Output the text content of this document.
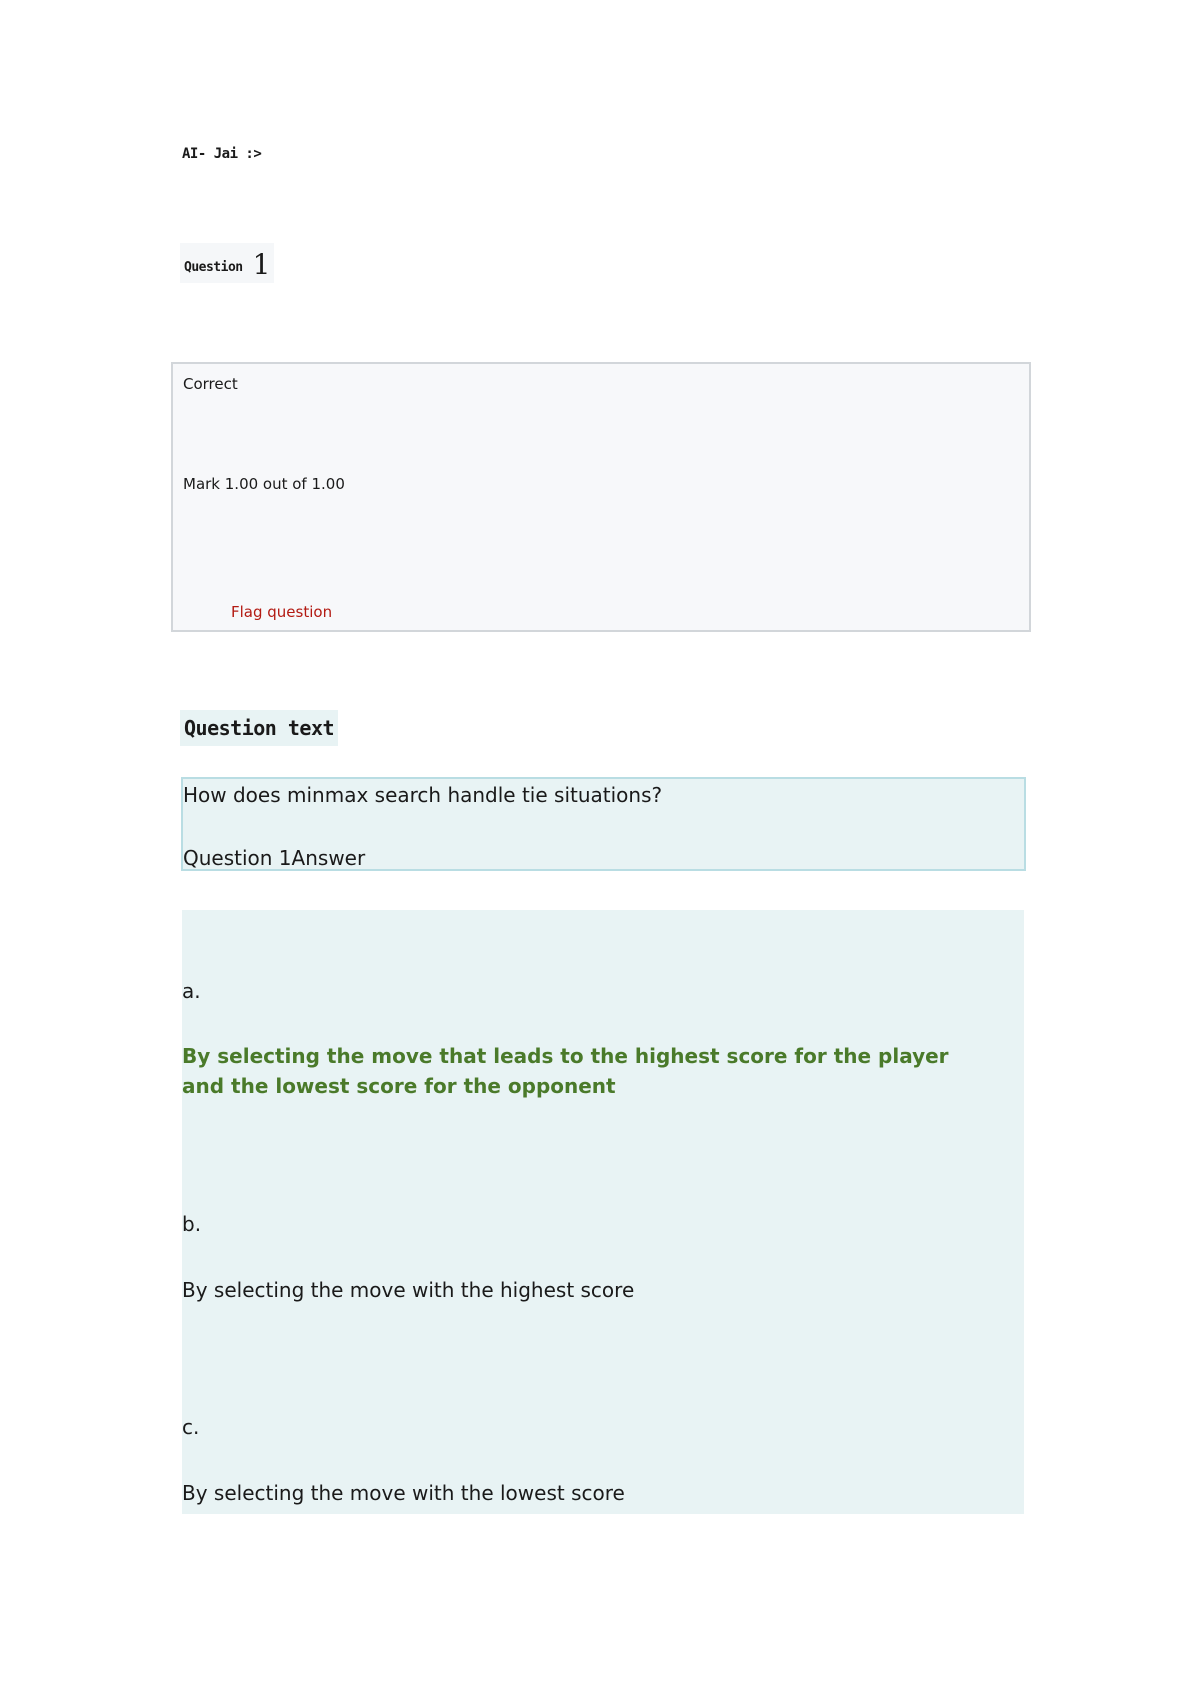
AI- Jai :>
Question 1
Correct
Mark 1.00 out of 1.00
Flag question
Question text
How does minmax search handle tie situations?
Question 1Answer
a.
By selecting the move that leads to the highest score for the player and the lowest score for the opponent
b.
By selecting the move with the highest score
c.
By selecting the move with the lowest score
